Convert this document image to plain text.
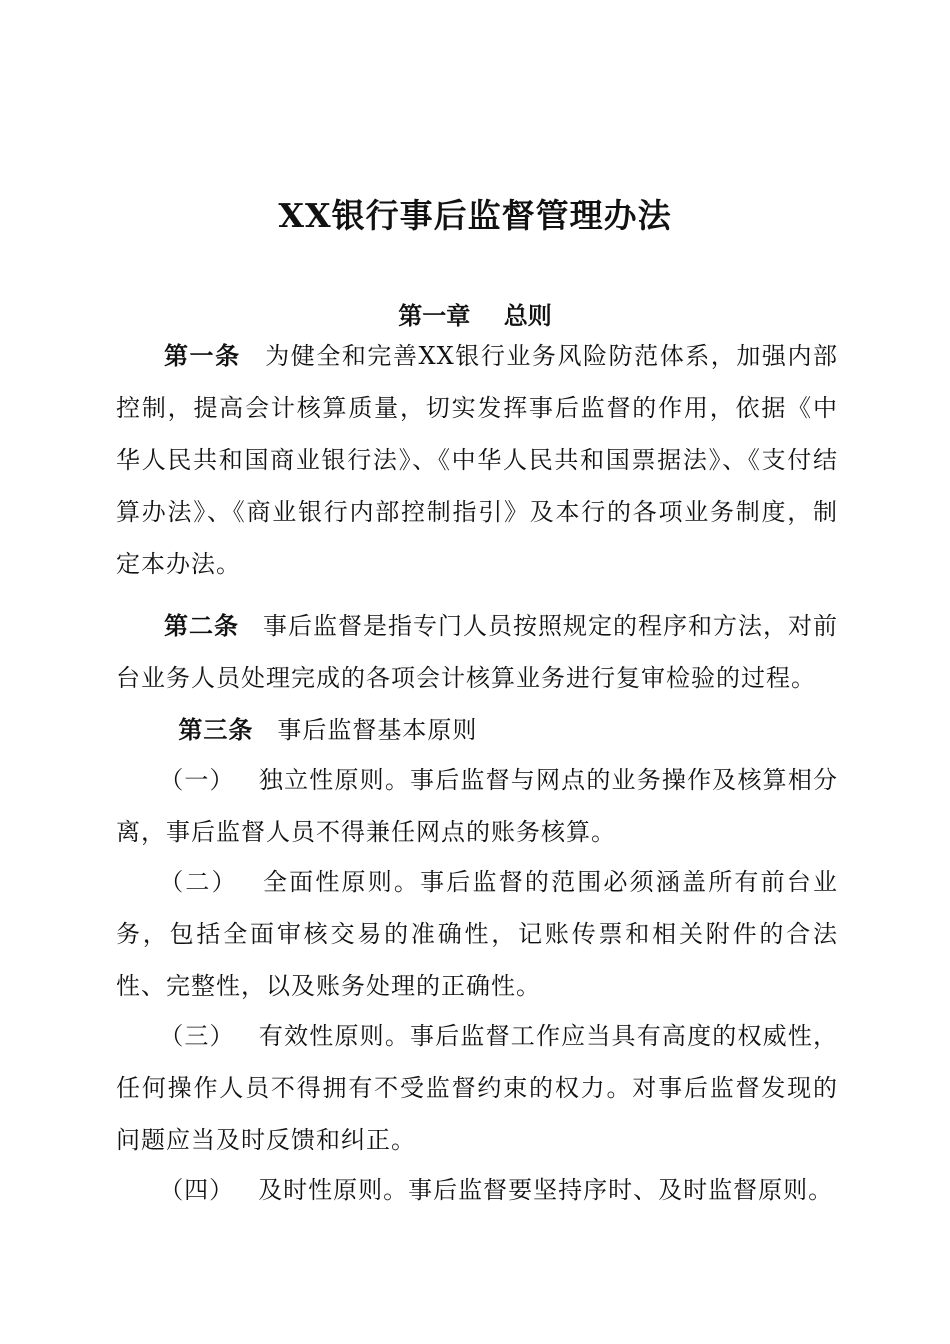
XX银行事后监督管理办法
第一章    总则

第一条 为健全和完善XX银行业务风险防范体系，加强内部控制，提高会计核算质量，切实发挥事后监督的作用，依据《中华人民共和国商业银行法》、《中华人民共和国票据法》、《支付结算办法》、《商业银行内部控制指引》及本行的各项业务制度，制定本办法。

第二条 事后监督是指专门人员按照规定的程序和方法，对前台业务人员处理完成的各项会计核算业务进行复审检验的过程。

第三条 事后监督基本原则

（一） 独立性原则。事后监督与网点的业务操作及核算相分离，事后监督人员不得兼任网点的账务核算。

（二） 全面性原则。事后监督的范围必须涵盖所有前台业务，包括全面审核交易的准确性，记账传票和相关附件的合法性、完整性，以及账务处理的正确性。

（三） 有效性原则。事后监督工作应当具有高度的权威性，任何操作人员不得拥有不受监督约束的权力。对事后监督发现的问题应当及时反馈和纠正。

（四） 及时性原则。事后监督要坚持序时、及时监督原则。
